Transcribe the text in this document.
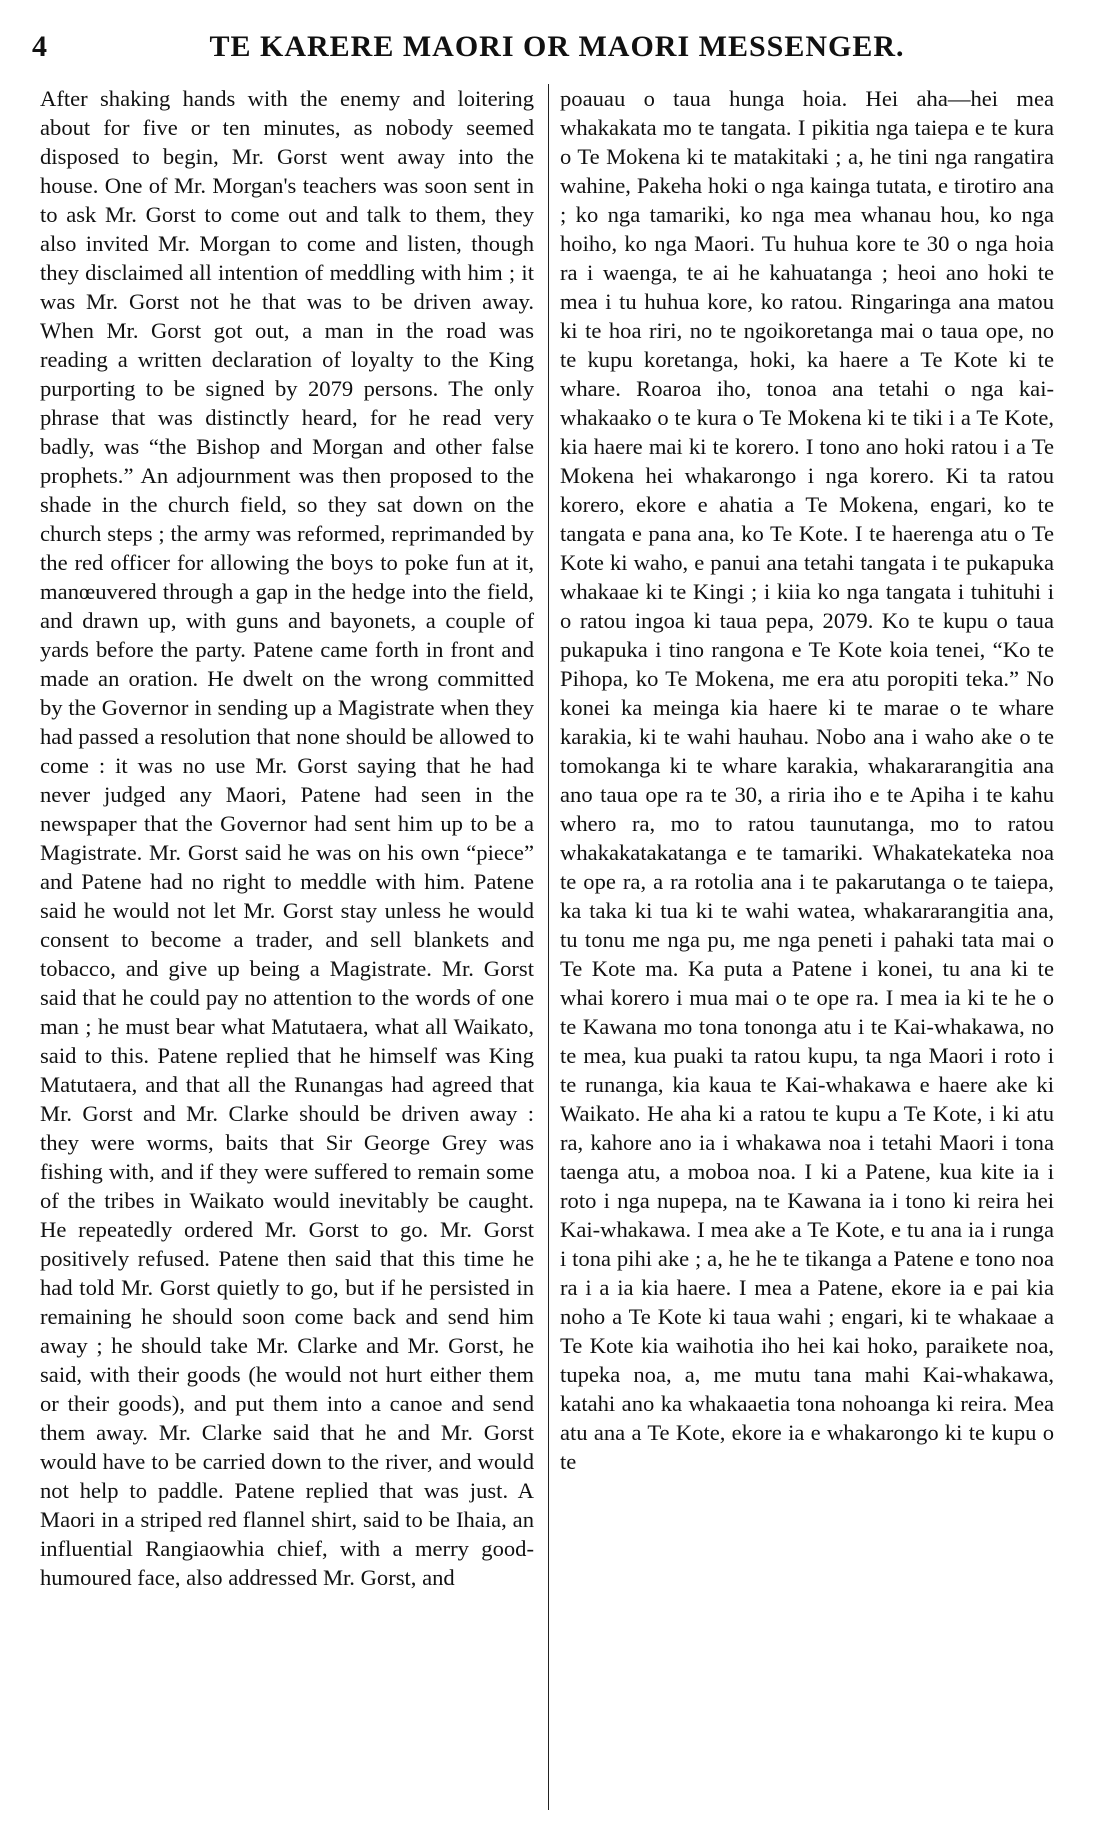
4	TE KARERE MAORI OR MAORI MESSENGER.

After shaking hands with the enemy and loitering about for five or ten minutes, as nobody seemed disposed to begin, Mr. Gorst went away into the house. One of Mr. Morgan's teachers was soon sent in to ask Mr. Gorst to come out and talk to them, they also invited Mr. Morgan to come and listen, though they disclaimed all intention of meddling with him ; it was Mr. Gorst not he that was to be driven away. When Mr. Gorst got out, a man in the road was reading a written declaration of loyalty to the King purporting to be signed by 2079 persons. The only phrase that was distinctly heard, for he read very badly, was “the Bishop and Morgan and other false prophets.” An adjournment was then proposed to the shade in the church field, so they sat down on the church steps ; the army was reformed, reprimanded by the red officer for allowing the boys to poke fun at it, manœuvered through a gap in the hedge into the field, and drawn up, with guns and bayonets, a couple of yards before the party. Patene came forth in front and made an oration. He dwelt on the wrong committed by the Governor in sending up a Magistrate when they had passed a resolution that none should be allowed to come : it was no use Mr. Gorst saying that he had never judged any Maori, Patene had seen in the newspaper that the Governor had sent him up to be a Magistrate. Mr. Gorst said he was on his own “piece” and Patene had no right to meddle with him. Patene said he would not let Mr. Gorst stay unless he would consent to become a trader, and sell blankets and tobacco, and give up being a Magistrate. Mr. Gorst said that he could pay no attention to the words of one man ; he must bear what Matutaera, what all Waikato, said to this. Patene replied that he himself was King Matutaera, and that all the Runangas had agreed that Mr. Gorst and Mr. Clarke should be driven away : they were worms, baits that Sir George Grey was fishing with, and if they were suffered to remain some of the tribes in Waikato would inevitably be caught. He repeatedly ordered Mr. Gorst to go. Mr. Gorst positively refused. Patene then said that this time he had told Mr. Gorst quietly to go, but if he persisted in remaining he should soon come back and send him away ; he should take Mr. Clarke and Mr. Gorst, he said, with their goods (he would not hurt either them or their goods), and put them into a canoe and send them away. Mr. Clarke said that he and Mr. Gorst would have to be carried down to the river, and would not help to paddle. Patene replied that was just. A Maori in a striped red flannel shirt, said to be Ihaia, an influential Rangiaowhia chief, with a merry good-humoured face, also addressed Mr. Gorst, and

poauau o taua hunga hoia. Hei aha—hei mea whakakata mo te tangata. I pikitia nga taiepa e te kura o Te Mokena ki te matakitaki ; a, he tini nga rangatira wahine, Pakeha hoki o nga kainga tutata, e tirotiro ana ; ko nga tamariki, ko nga mea whanau hou, ko nga hoiho, ko nga Maori. Tu huhua kore te 30 o nga hoia ra i waenga, te ai he kahuatanga ; heoi ano hoki te mea i tu huhua kore, ko ratou. Ringaringa ana matou ki te hoa riri, no te ngoikoretanga mai o taua ope, no te kupu koretanga, hoki, ka haere a Te Kote ki te whare. Roaroa iho, tonoa ana tetahi o nga kai-whakaako o te kura o Te Mokena ki te tiki i a Te Kote, kia haere mai ki te korero. I tono ano hoki ratou i a Te Mokena hei whakarongo i nga korero. Ki ta ratou korero, ekore e ahatia a Te Mokena, engari, ko te tangata e pana ana, ko Te Kote. I te haerenga atu o Te Kote ki waho, e panui ana tetahi tangata i te pukapuka whakaae ki te Kingi ; i kiia ko nga tangata i tuhituhi i o ratou ingoa ki taua pepa, 2079. Ko te kupu o taua pukapuka i tino rangona e Te Kote koia tenei, “Ko te Pihopa, ko Te Mokena, me era atu poropiti teka.” No konei ka meinga kia haere ki te marae o te whare karakia, ki te wahi hauhau. Nobo ana i waho ake o te tomokanga ki te whare karakia, whakararangitia ana ano taua ope ra te 30, a riria iho e te Apiha i te kahu whero ra, mo to ratou taunutanga, mo to ratou whakakatakatanga e te tamariki. Whakatekateka noa te ope ra, a ra rotolia ana i te pakarutanga o te taiepa, ka taka ki tua ki te wahi watea, whakararangitia ana, tu tonu me nga pu, me nga peneti i pahaki tata mai o Te Kote ma. Ka puta a Patene i konei, tu ana ki te whai korero i mua mai o te ope ra. I mea ia ki te he o te Kawana mo tona tononga atu i te Kai-whakawa, no te mea, kua puaki ta ratou kupu, ta nga Maori i roto i te runanga, kia kaua te Kai-whakawa e haere ake ki Waikato. He aha ki a ratou te kupu a Te Kote, i ki atu ra, kahore ano ia i whakawa noa i tetahi Maori i tona taenga atu, a moboa noa. I ki a Patene, kua kite ia i roto i nga nupepa, na te Kawana ia i tono ki reira hei Kai-whakawa. I mea ake a Te Kote, e tu ana ia i runga i tona pihi ake ; a, he he te tikanga a Patene e tono noa ra i a ia kia haere. I mea a Patene, ekore ia e pai kia noho a Te Kote ki taua wahi ; engari, ki te whakaae a Te Kote kia waihotia iho hei kai hoko, paraikete noa, tupeka noa, a, me mutu tana mahi Kai-whakawa, katahi ano ka whakaaetia tona nohoanga ki reira. Mea atu ana a Te Kote, ekore ia e whakarongo ki te kupu o te
